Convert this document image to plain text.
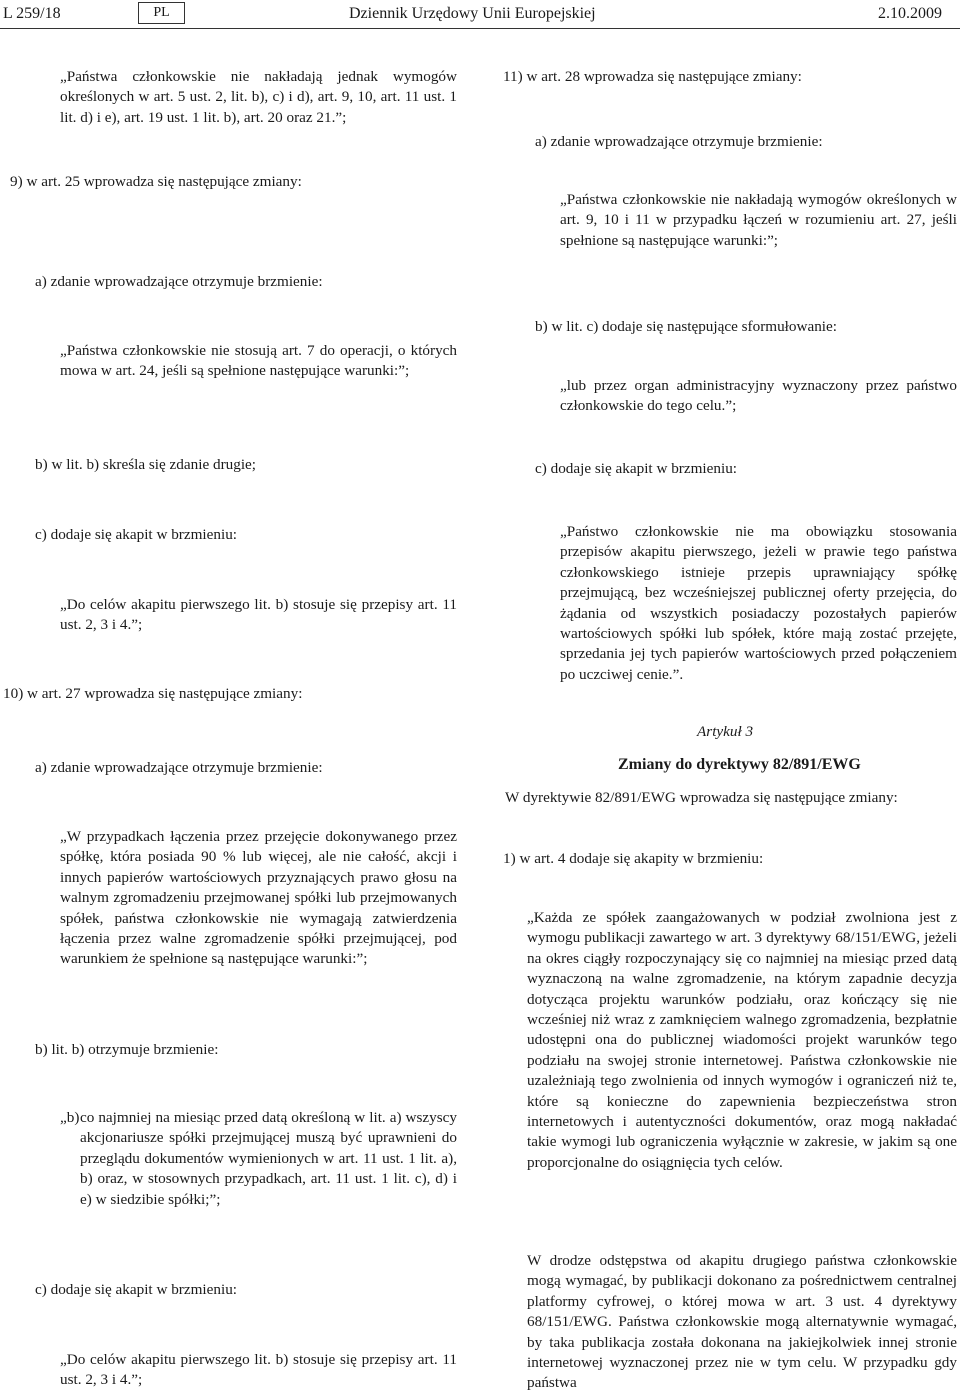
L 259/18	PL	Dziennik Urzędowy Unii Europejskiej	2.10.2009
„Państwa członkowskie nie nakładają jednak wymogów określonych w art. 5 ust. 2, lit. b), c) i d), art. 9, 10, art. 11 ust. 1 lit. d) i e), art. 19 ust. 1 lit. b), art. 20 oraz 21.”;
9) w art. 25 wprowadza się następujące zmiany:
a) zdanie wprowadzające otrzymuje brzmienie:
„Państwa członkowskie nie stosują art. 7 do operacji, o których mowa w art. 24, jeśli są spełnione następujące warunki:”;
b) w lit. b) skreśla się zdanie drugie;
c) dodaje się akapit w brzmieniu:
„Do celów akapitu pierwszego lit. b) stosuje się przepisy art. 11 ust. 2, 3 i 4.”;
10) w art. 27 wprowadza się następujące zmiany:
a) zdanie wprowadzające otrzymuje brzmienie:
„W przypadkach łączenia przez przejęcie dokonywanego przez spółkę, która posiada 90 % lub więcej, ale nie całość, akcji i innych papierów wartościowych przyznających prawo głosu na walnym zgromadzeniu przejmowanej spółki lub przejmowanych spółek, państwa członkowskie nie wymagają zatwierdzenia łączenia przez walne zgromadzenie spółki przejmującej, pod warunkiem że spełnione są następujące warunki:”;
b) lit. b) otrzymuje brzmienie:
„b) co najmniej na miesiąc przed datą określoną w lit. a) wszyscy akcjonariusze spółki przejmującej muszą być uprawnieni do przeglądu dokumentów wymienionych w art. 11 ust. 1 lit. a), b) oraz, w stosownych przypadkach, art. 11 ust. 1 lit. c), d) i e) w siedzibie spółki;”;
c) dodaje się akapit w brzmieniu:
„Do celów akapitu pierwszego lit. b) stosuje się przepisy art. 11 ust. 2, 3 i 4.”;
11) w art. 28 wprowadza się następujące zmiany:
a) zdanie wprowadzające otrzymuje brzmienie:
„Państwa członkowskie nie nakładają wymogów określonych w art. 9, 10 i 11 w przypadku łączeń w rozumieniu art. 27, jeśli spełnione są następujące warunki:”;
b) w lit. c) dodaje się następujące sformułowanie:
„lub przez organ administracyjny wyznaczony przez państwo członkowskie do tego celu.”;
c) dodaje się akapit w brzmieniu:
„Państwo członkowskie nie ma obowiązku stosowania przepisów akapitu pierwszego, jeżeli w prawie tego państwa członkowskiego istnieje przepis uprawniający spółkę przejmującą, bez wcześniejszej publicznej oferty przejęcia, do żądania od wszystkich posiadaczy pozostałych papierów wartościowych spółki lub spółek, które mają zostać przejęte, sprzedania jej tych papierów wartościowych przed połączeniem po uczciwej cenie.”.
Artykuł 3
Zmiany do dyrektywy 82/891/EWG
W dyrektywie 82/891/EWG wprowadza się następujące zmiany:
1) w art. 4 dodaje się akapity w brzmieniu:
„Każda ze spółek zaangażowanych w podział zwolniona jest z wymogu publikacji zawartego w art. 3 dyrektywy 68/151/EWG, jeżeli na okres ciągły rozpoczynający się co najmniej na miesiąc przed datą wyznaczoną na walne zgromadzenie, na którym zapadnie decyzja dotycząca projektu warunków podziału, oraz kończący się nie wcześniej niż wraz z zamknięciem walnego zgromadzenia, bezpłatnie udostępni ona do publicznej wiadomości projekt warunków tego podziału na swojej stronie internetowej. Państwa członkowskie nie uzależniają tego zwolnienia od innych wymogów i ograniczeń niż te, które są konieczne do zapewnienia bezpieczeństwa stron internetowych i autentyczności dokumentów, oraz mogą nakładać takie wymogi lub ograniczenia wyłącznie w zakresie, w jakim są one proporcjonalne do osiągnięcia tych celów.
W drodze odstępstwa od akapitu drugiego państwa członkowskie mogą wymagać, by publikacji dokonano za pośrednictwem centralnej platformy cyfrowej, o której mowa w art. 3 ust. 4 dyrektywy 68/151/EWG. Państwa członkowskie mogą alternatywnie wymagać, by taka publikacja została dokonana na jakiejkolwiek innej stronie internetowej wyznaczonej przez nie w tym celu. W przypadku gdy państwa
